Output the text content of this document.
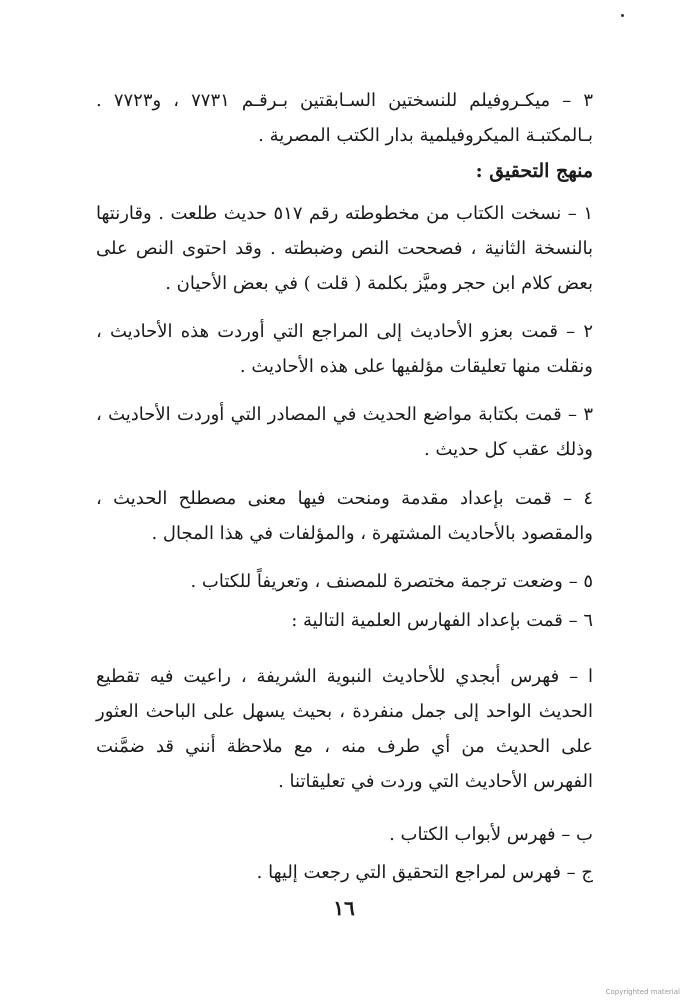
٣ – ميكـروفيلم للنسختين السـابقتين بـرقـم ٧٧٣١ ، و٧٧٢٣ . بـالمكتبـة الميكروفيلمية بدار الكتب المصرية .
منهج التحقيق :
١ – نسخت الكتاب من مخطوطته رقم ٥١٧ حديث طلعت . وقارنتها بالنسخة الثانية ، فصححت النص وضبطته . وقد احتوى النص على بعض كلام ابن حجر وميَّز بكلمة ( قلت ) في بعض الأحيان .
٢ – قمت بعزو الأحاديث إلى المراجع التي أوردت هذه الأحاديث ، ونقلت منها تعليقات مؤلفيها على هذه الأحاديث .
٣ – قمت بكتابة مواضع الحديث في المصادر التي أوردت الأحاديث ، وذلك عقب كل حديث .
٤ – قمت بإعداد مقدمة ومنحت فيها معنى مصطلح الحديث ، والمقصود بالأحاديث المشتهرة ، والمؤلفات في هذا المجال .
٥ – وضعت ترجمة مختصرة للمصنف ، وتعريفاً للكتاب .
٦ – قمت بإعداد الفهارس العلمية التالية :
ا – فهرس أبجدي للأحاديث النبوية الشريفة ، راعيت فيه تقطيع الحديث الواحد إلى جمل منفردة ، بحيث يسهل على الباحث العثور على الحديث من أي طرف منه ، مع ملاحظة أنني قد ضمَّنت الفهرس الأحاديث التي وردت في تعليقاتنا .
ب – فهرس لأبواب الكتاب .
ج – فهرس لمراجع التحقيق التي رجعت إليها .
١٦
Copyrighted material
